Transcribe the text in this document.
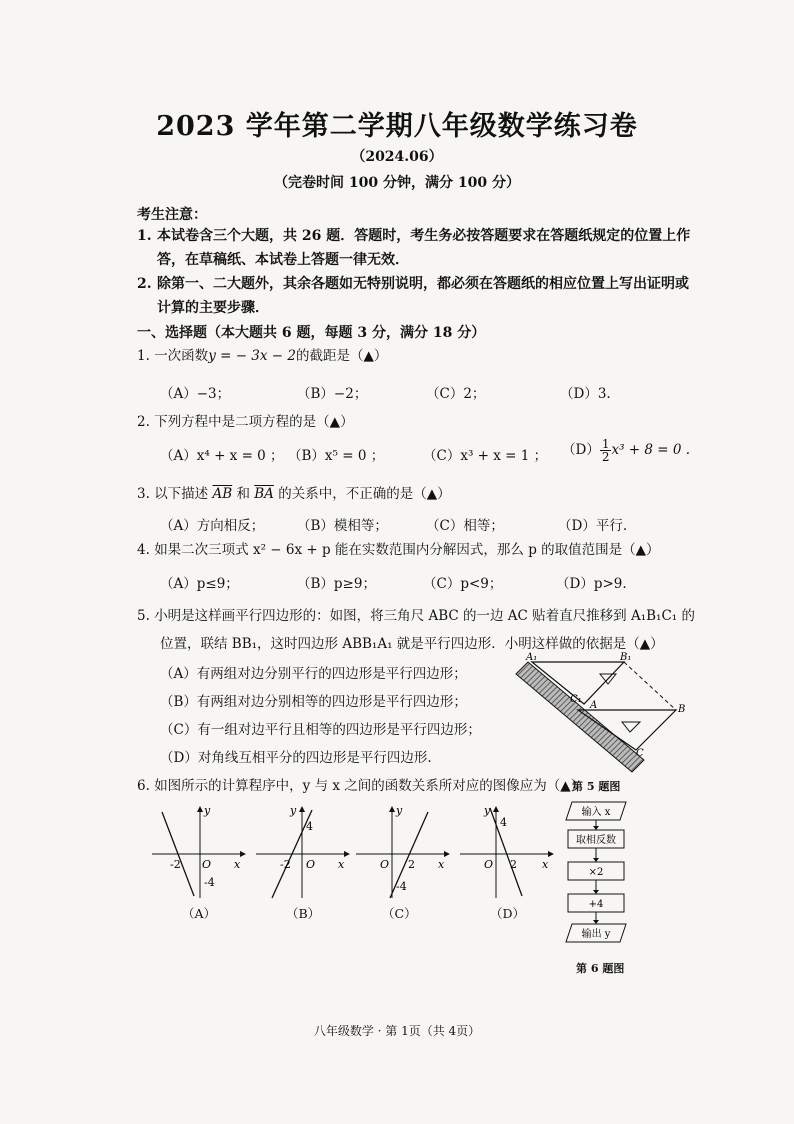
2023 学年第二学期八年级数学练习卷
（2024.06）
（完卷时间 100 分钟，满分 100 分）
考生注意：
1. 本试卷含三个大题，共 26 题．答题时，考生务必按答题要求在答题纸规定的位置上作答，在草稿纸、本试卷上答题一律无效．
2. 除第一、二大题外，其余各题如无特别说明，都必须在答题纸的相应位置上写出证明或计算的主要步骤．
一、选择题（本大题共 6 题，每题 3 分，满分 18 分）
1. 一次函数y = − 3x − 2的截距是（▲）
（A）−3；	（B）−2；	（C）2；	（D）3.
2. 下列方程中是二项方程的是（▲）
（A）x⁴ + x = 0 ； （B）x⁵ = 0 ；	（C）x³ + x = 1 ； $(D) \frac{1}{2} x^3 + 8 = 0$ .
3. 以下描述 $\overline{AB}$ 和 $\overline{BA}$ 的关系中，不正确的是（▲）
（A）方向相反； （B）模相等；	（C）相等；	（D）平行.
4. 如果二次三项式 x² − 6x + p 能在实数范围内分解因式，那么 p 的取值范围是（▲）
（A）p≤9；	（B）p≥9；	（C）p<9；	（D）p>9.
5. 小明是这样画平行四边形的：如图，将三角尺 ABC 的一边 AC 贴着直尺推移到 A₁B₁C₁ 的
位置，联结 BB₁，这时四边形 ABB₁A₁ 就是平行四边形．小明这样做的依据是（▲）
（A）有两组对边分别平行的四边形是平行四边形；
（B）有两组对边分别相等的四边形是平行四边形；
（C）有一组对边平行且相等的四边形是平行四边形；
（D）对角线互相平分的四边形是平行四边形.
A₁	B₁
C₁
A	B
C
第 5 题图
6. 如图所示的计算程序中，y 与 x 之间的函数关系所对应的图像应为（▲）
y
x
O
-2
-4
（A）
y
x
O
-2
4
（B）
y
x
O 2
-4
（C）
y
x
O 2
4
（D）
输入 x
取相反数
×2
+4
输出 y
第 6 题图
八年级数学 · 第 1页（共 4页）
